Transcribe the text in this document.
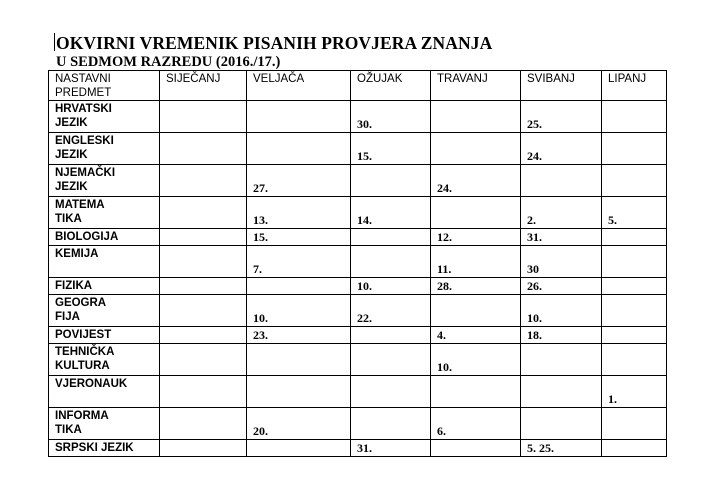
OKVIRNI VREMENIK PISANIH PROVJERA ZNANJA
U SEDMOM RAZREDU (2016./17.)
NASTAVNI
PREDMET	SIJEČANJ	VELJAČA	OŽUJAK	TRAVANJ	SVIBANJ	LIPANJ

HRVATSKI
JEZIK			30.		25.	

ENGLESKI
JEZIK			15.		24.	

NJEMAČKI
JEZIK		27.		24.		

MATEMA
TIKA		13.	14.		2.	5.

BIOLOGIJA		15.		12.	31.	

KEMIJA		7.		11.	30	

FIZIKA			10.	28.	26.	

GEOGRA
FIJA		10.	22.		10.	

POVIJEST		23.		4.	18.	

TEHNIČKA
KULTURA				10.		

VJERONAUK						1.

INFORMA
TIKA		20.		6.		

SRPSKI JEZIK			31.		5. 25.	
